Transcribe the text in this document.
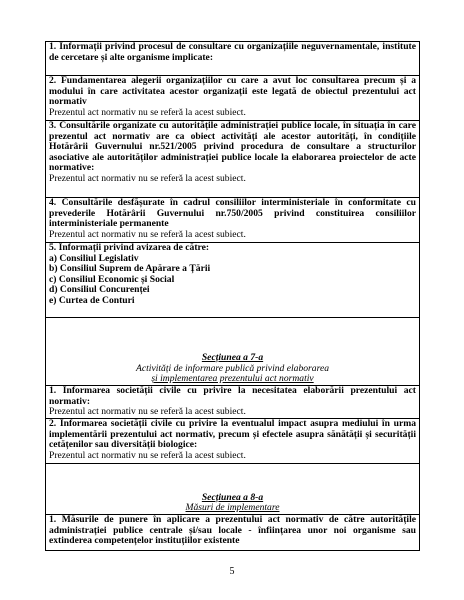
1. Informații privind procesul de consultare cu organizațiile neguvernamentale, institute de cercetare și alte organisme implicate:
2. Fundamentarea alegerii organizațiilor cu care a avut loc consultarea precum și a modului în care activitatea acestor organizații este legată de obiectul prezentului act normativ
Prezentul act normativ nu se referă la acest subiect.

3. Consultările organizate cu autoritățile administrației publice locale, în situația în care prezentul act normativ are ca obiect activități ale acestor autorități, în condițiile Hotărârii Guvernului nr.521/2005 privind procedura de consultare a structurilor asociative ale autorităților administrației publice locale la elaborarea proiectelor de acte normative:
Prezentul act normativ nu se referă la acest subiect.

4. Consultările desfășurate în cadrul consiliilor interministeriale în conformitate cu prevederile Hotărârii Guvernului nr.750/2005 privind constituirea consiliilor interministeriale permanente
Prezentul act normativ nu se referă la acest subiect.

5. Informații privind avizarea de către:
a) Consiliul Legislativ
b) Consiliul Suprem de Apărare a Țării
c) Consiliul Economic și Social
d) Consiliul Concurenței
e) Curtea de Conturi

Secțiunea a 7-a
Activități de informare publică privind elaborarea
și implementarea prezentului act normativ

1. Informarea societății civile cu privire la necesitatea elaborării prezentului act normativ:
Prezentul act normativ nu se referă la acest subiect.

2. Informarea societății civile cu privire la eventualul impact asupra mediului în urma implementării prezentului act normativ, precum și efectele asupra sănătății și securității cetățenilor sau diversității biologice:
Prezentul act normativ nu se referă la acest subiect.

Secțiunea a 8-a
Măsuri de implementare

1. Măsurile de punere în aplicare a prezentului act normativ de către autoritățile administrației publice centrale și/sau locale - înființarea unor noi organisme sau extinderea competențelor instituțiilor existente
5
